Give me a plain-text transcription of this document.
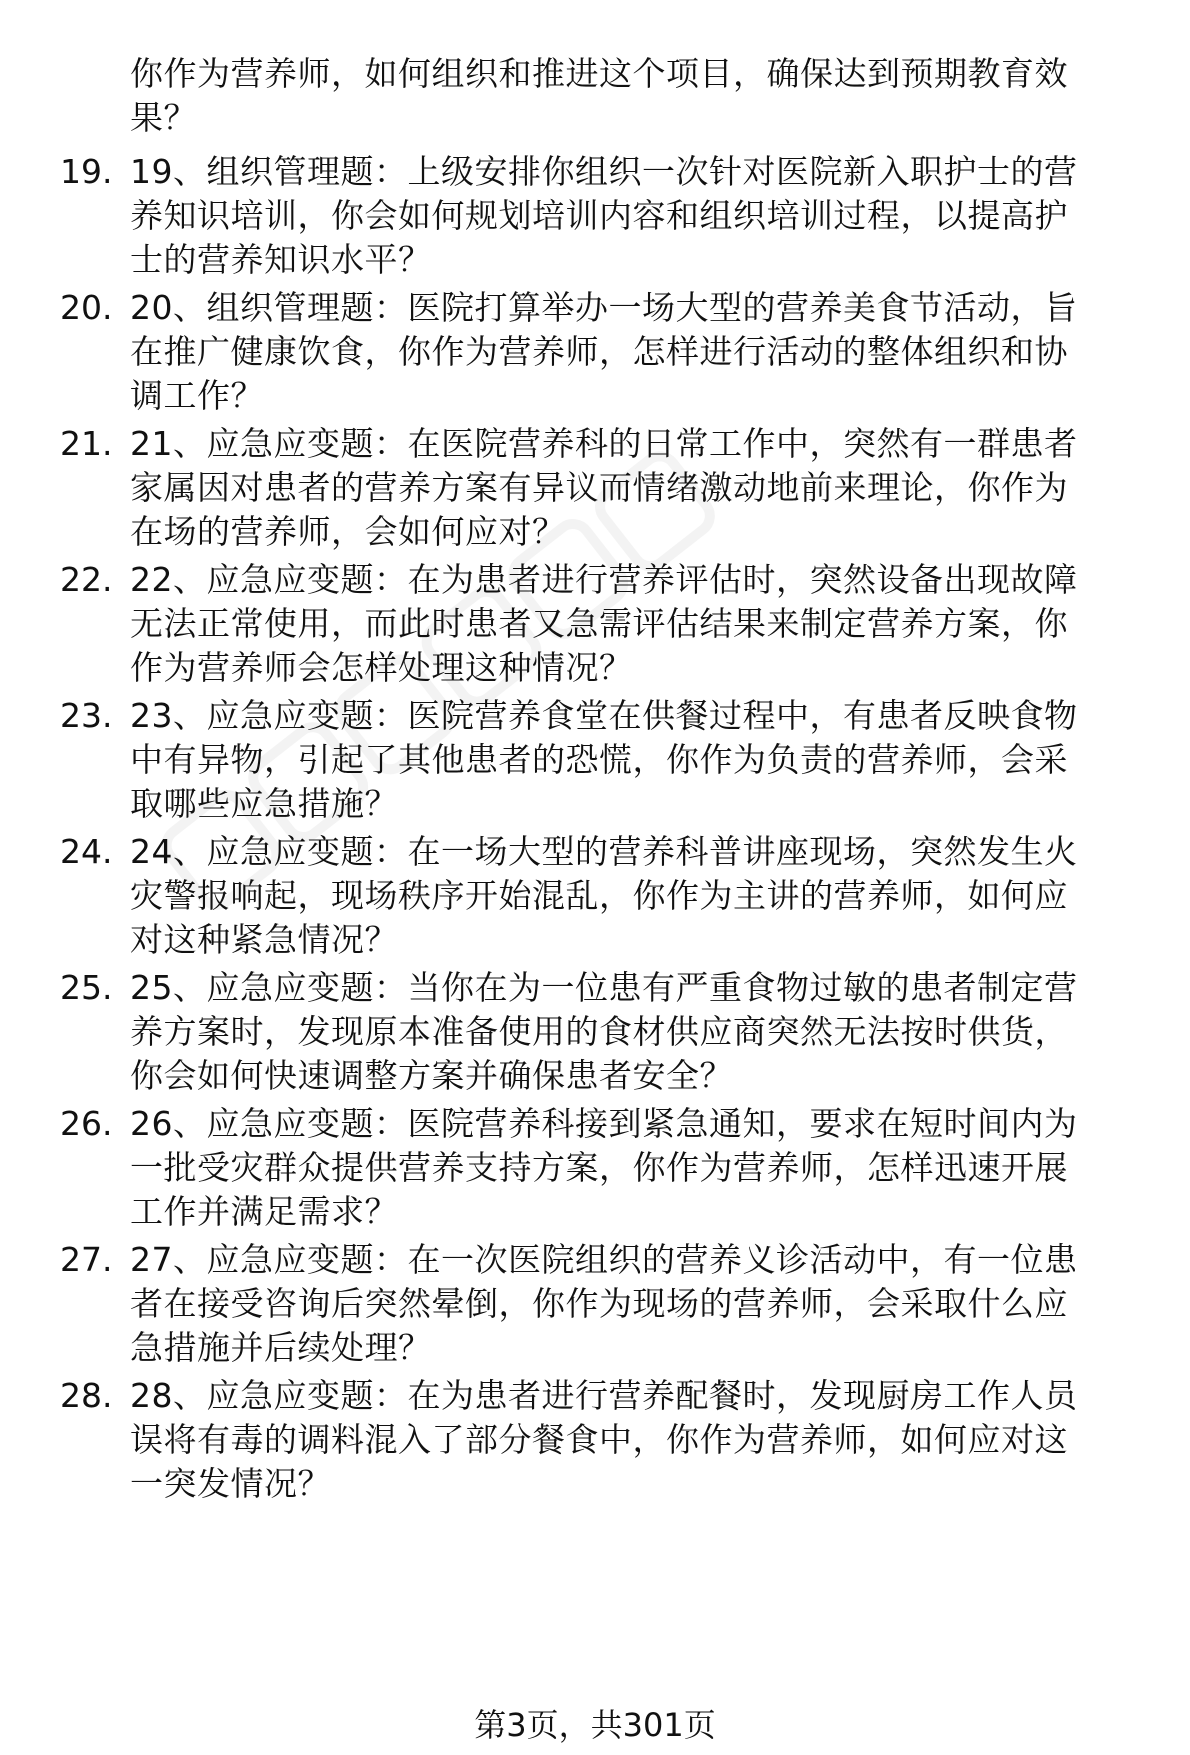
你作为营养师，如何组织和推进这个项目，确保达到预期教育效
果？
19. 19、组织管理题：上级安排你组织一次针对医院新入职护士的营
养知识培训，你会如何规划培训内容和组织培训过程，以提高护
士的营养知识水平？
20. 20、组织管理题：医院打算举办一场大型的营养美食节活动，旨
在推广健康饮食，你作为营养师，怎样进行活动的整体组织和协
调工作？
21. 21、应急应变题：在医院营养科的日常工作中，突然有一群患者
家属因对患者的营养方案有异议而情绪激动地前来理论，你作为
在场的营养师，会如何应对？
22. 22、应急应变题：在为患者进行营养评估时，突然设备出现故障
无法正常使用，而此时患者又急需评估结果来制定营养方案，你
作为营养师会怎样处理这种情况？
23. 23、应急应变题：医院营养食堂在供餐过程中，有患者反映食物
中有异物，引起了其他患者的恐慌，你作为负责的营养师，会采
取哪些应急措施？
24. 24、应急应变题：在一场大型的营养科普讲座现场，突然发生火
灾警报响起，现场秩序开始混乱，你作为主讲的营养师，如何应
对这种紧急情况？
25. 25、应急应变题：当你在为一位患有严重食物过敏的患者制定营
养方案时，发现原本准备使用的食材供应商突然无法按时供货，
你会如何快速调整方案并确保患者安全？
26. 26、应急应变题：医院营养科接到紧急通知，要求在短时间内为
一批受灾群众提供营养支持方案，你作为营养师，怎样迅速开展
工作并满足需求？
27. 27、应急应变题：在一次医院组织的营养义诊活动中，有一位患
者在接受咨询后突然晕倒，你作为现场的营养师，会采取什么应
急措施并后续处理？
28. 28、应急应变题：在为患者进行营养配餐时，发现厨房工作人员
误将有毒的调料混入了部分餐食中，你作为营养师，如何应对这
一突发情况？
第3页，共301页
